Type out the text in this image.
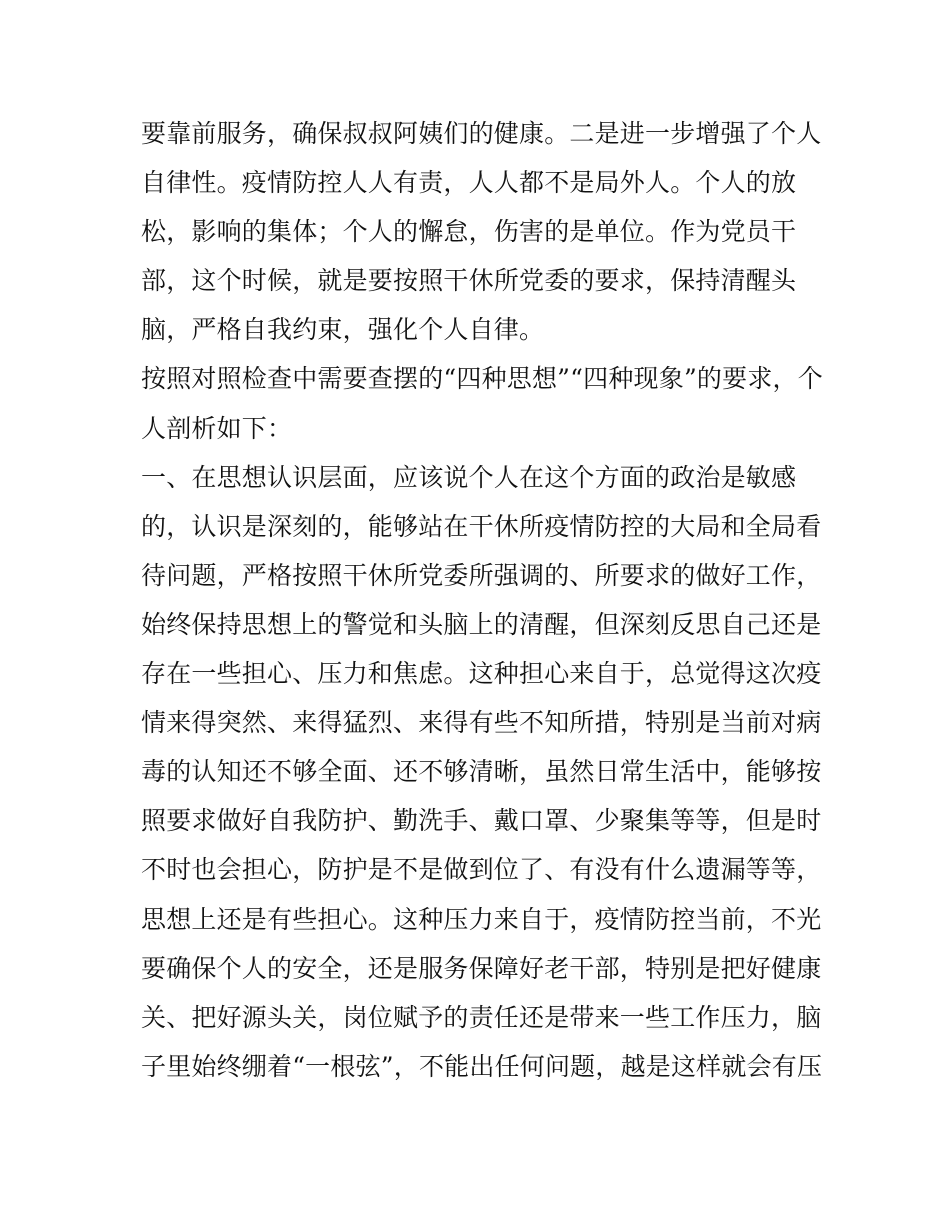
要靠前服务，确保叔叔阿姨们的健康。二是进一步增强了个人
自律性。疫情防控人人有责，人人都不是局外人。个人的放
松，影响的集体；个人的懈怠，伤害的是单位。作为党员干
部，这个时候，就是要按照干休所党委的要求，保持清醒头
脑，严格自我约束，强化个人自律。
按照对照检查中需要查摆的“四种思想”“四种现象”的要求，个
人剖析如下：
一、在思想认识层面，应该说个人在这个方面的政治是敏感
的，认识是深刻的，能够站在干休所疫情防控的大局和全局看
待问题，严格按照干休所党委所强调的、所要求的做好工作，
始终保持思想上的警觉和头脑上的清醒，但深刻反思自己还是
存在一些担心、压力和焦虑。这种担心来自于，总觉得这次疫
情来得突然、来得猛烈、来得有些不知所措，特别是当前对病
毒的认知还不够全面、还不够清晰，虽然日常生活中，能够按
照要求做好自我防护、勤洗手、戴口罩、少聚集等等，但是时
不时也会担心，防护是不是做到位了、有没有什么遗漏等等，
思想上还是有些担心。这种压力来自于，疫情防控当前，不光
要确保个人的安全，还是服务保障好老干部，特别是把好健康
关、把好源头关，岗位赋予的责任还是带来一些工作压力，脑
子里始终绷着“一根弦”，不能出任何问题，越是这样就会有压
